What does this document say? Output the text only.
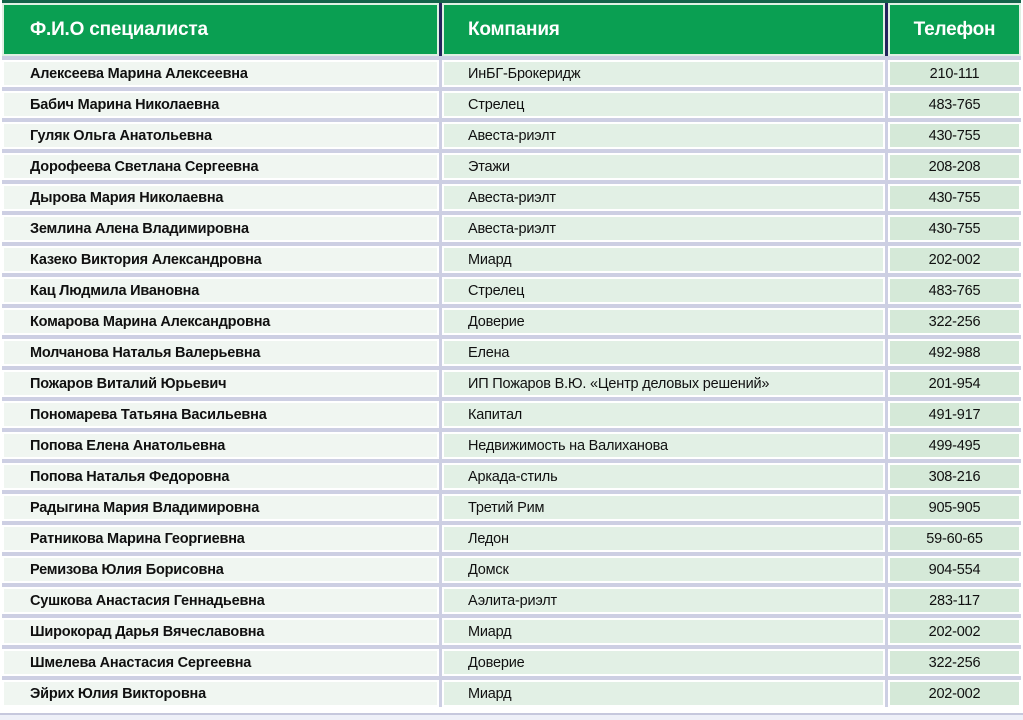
Ф.И.О специалиста	Компания	Телефон
Алексеева Марина Алексеевна	ИнБГ-Брокеридж	210-111
Бабич Марина Николаевна	Стрелец	483-765
Гуляк Ольга Анатольевна	Авеста-риэлт	430-755
Дорофеева Светлана Сергеевна	Этажи	208-208
Дырова Мария Николаевна	Авеста-риэлт	430-755
Землина Алена Владимировна	Авеста-риэлт	430-755
Казеко Виктория Александровна	Миард	202-002
Кац Людмила Ивановна	Стрелец	483-765
Комарова Марина Александровна	Доверие	322-256
Молчанова Наталья Валерьевна	Елена	492-988
Пожаров Виталий Юрьевич	ИП Пожаров В.Ю. «Центр деловых решений»	201-954
Пономарева Татьяна Васильевна	Капитал	491-917
Попова Елена Анатольевна	Недвижимость на Валиханова	499-495
Попова Наталья Федоровна	Аркада-стиль	308-216
Радыгина Мария Владимировна	Третий Рим	905-905
Ратникова Марина Георгиевна	Ледон	59-60-65
Ремизова Юлия Борисовна	Домск	904-554
Сушкова Анастасия Геннадьевна	Аэлита-риэлт	283-117
Широкорад Дарья Вячеславовна	Миард	202-002
Шмелева Анастасия Сергеевна	Доверие	322-256
Эйрих Юлия Викторовна	Миард	202-002
